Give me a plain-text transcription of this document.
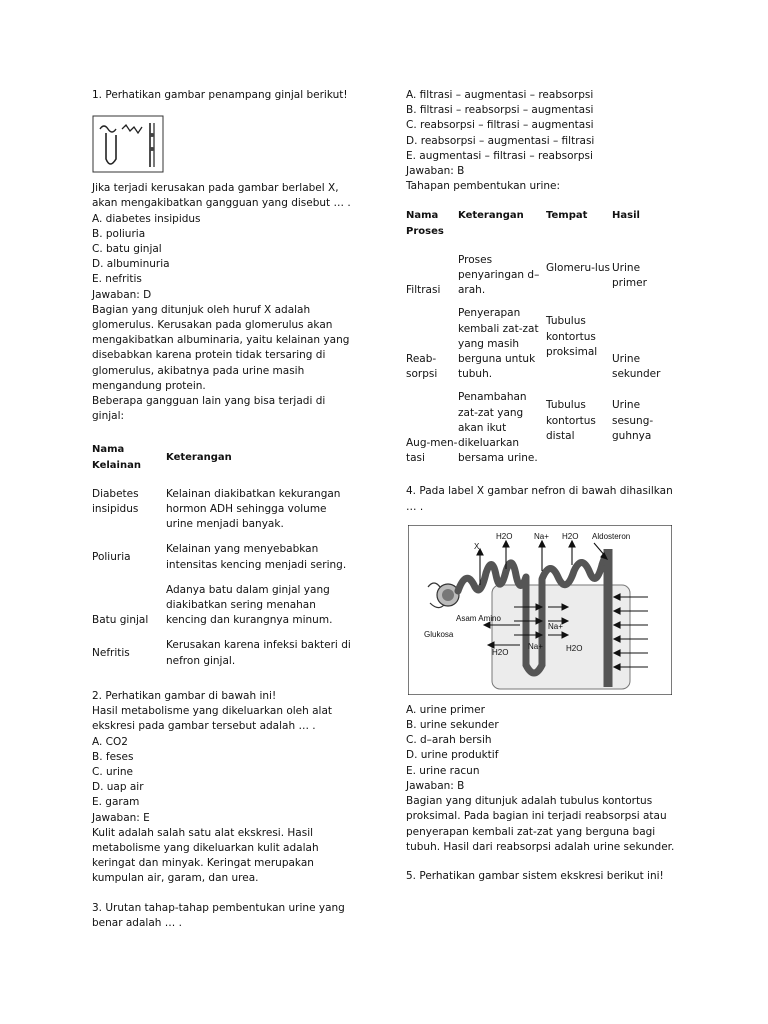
1. Perhatikan gambar penampang ginjal berikut!

Jika terjadi kerusakan pada gambar berlabel X, akan mengakibatkan gangguan yang disebut … .

A. diabetes insipidus

B. poliuria

C. batu ginjal

D. albuminuria

E. nefritis

Jawaban: D

Bagian yang ditunjuk oleh huruf X adalah glomerulus. Kerusakan pada glomerulus akan mengakibatkan albuminaria, yaitu kelainan yang disebabkan karena protein tidak tersaring di glomerulus, akibatnya pada urine masih mengandung protein.

Beberapa gangguan lain yang bisa terjadi di ginjal:

Nama Kelainan	Keterangan
Diabetes insipidus	Kelainan diakibatkan kekurangan hormon ADH sehingga volume urine menjadi banyak.
Poliuria	Kelainan yang menyebabkan intensitas kencing menjadi sering.
Batu ginjal	Adanya batu dalam ginjal yang diakibatkan sering menahan kencing dan kurangnya minum.
Nefritis	Kerusakan karena infeksi bakteri di nefron ginjal.

2. Perhatikan gambar di bawah ini!

Hasil metabolisme yang dikeluarkan oleh alat ekskresi pada gambar tersebut adalah … .

A. CO2

B. feses

C. urine

D. uap air

E. garam

Jawaban: E

Kulit adalah salah satu alat ekskresi. Hasil metabolisme yang dikeluarkan kulit adalah keringat dan minyak. Keringat merupakan kumpulan air, garam, dan urea.

3. Urutan tahap-tahap pembentukan urine yang benar adalah … .

A. filtrasi – augmentasi – reabsorpsi

B. filtrasi – reabsorpsi – augmentasi

C. reabsorpsi – filtrasi – augmentasi

D. reabsorpsi – augmentasi – filtrasi

E. augmentasi – filtrasi – reabsorpsi

Jawaban: B

Tahapan pembentukan urine:

Nama Proses	Keterangan	Tempat	Hasil
Filtrasi	Proses penyaringan d–arah.	Glomeru-lus	Urine primer
Reab-sorpsi	Penyerapan kembali zat-zat yang masih berguna untuk tubuh.	Tubulus kontortus proksimal	Urine sekunder
Aug-men-tasi	Penambahan zat-zat yang akan ikut dikeluarkan bersama urine.	Tubulus kontortus distal	Urine sesung-guhnya

4. Pada label X gambar nefron di bawah dihasilkan … .

X
H2O	Na+ H2O Aldosteron
Asam Amino
Glukosa
Na+
H2O
Na+	H2O

A. urine primer

B. urine sekunder

C. d–arah bersih

D. urine produktif

E. urine racun

Jawaban: B

Bagian yang ditunjuk adalah tubulus kontortus proksimal. Pada bagian ini terjadi reabsorpsi atau penyerapan kembali zat-zat yang berguna bagi tubuh. Hasil dari reabsorpsi adalah urine sekunder.

5. Perhatikan gambar sistem ekskresi berikut ini!
